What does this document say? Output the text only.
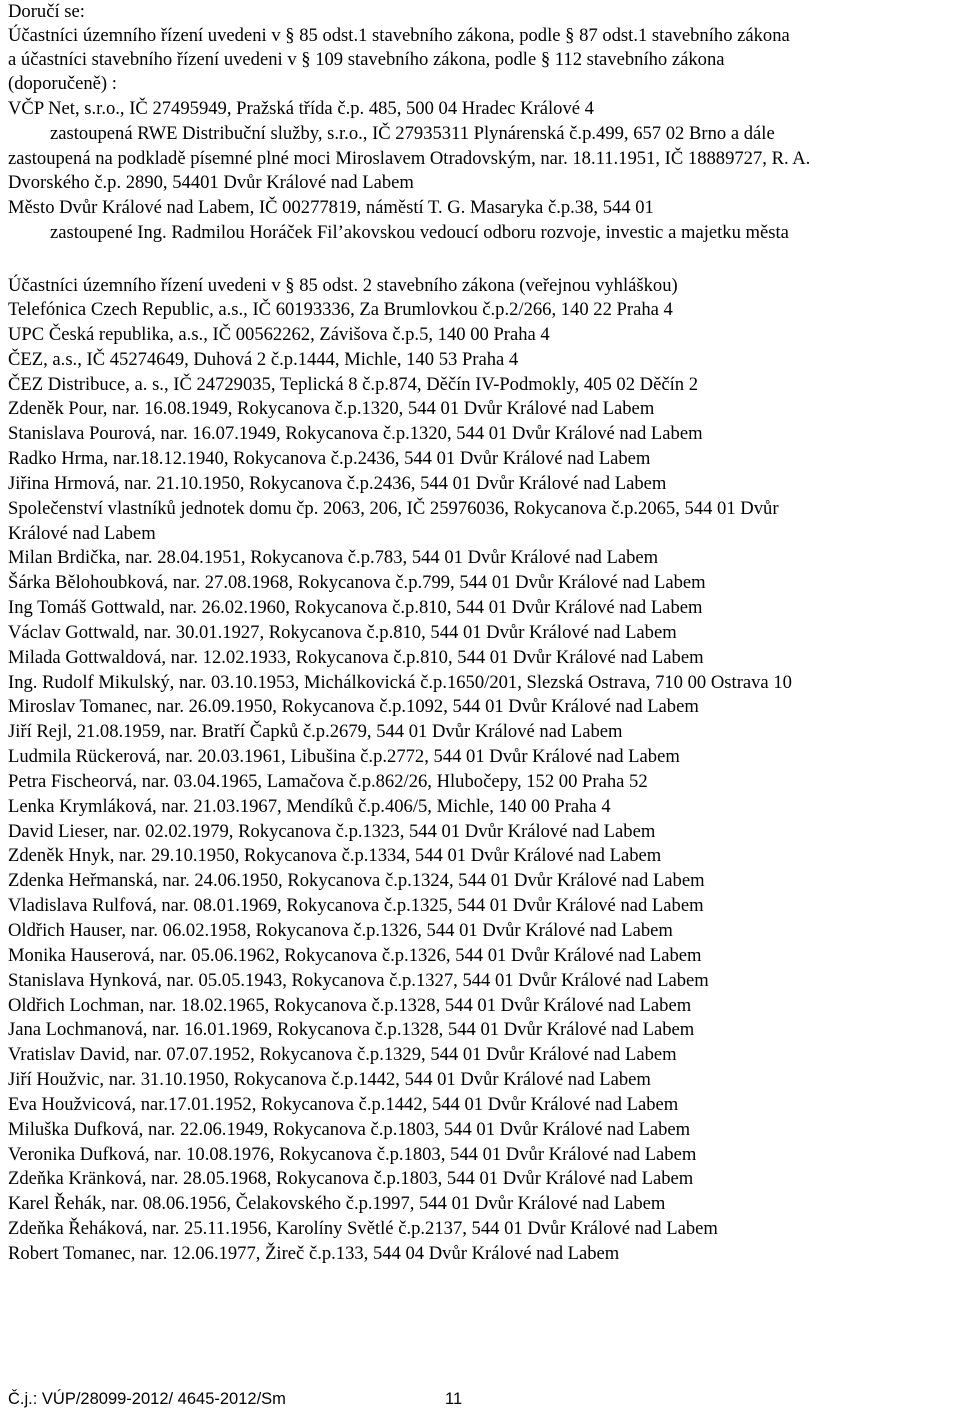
Doručí se:
Účastníci územního řízení uvedeni v § 85 odst.1 stavebního zákona, podle § 87 odst.1 stavebního zákona
a účastníci stavebního řízení uvedeni v § 109 stavebního zákona, podle § 112 stavebního zákona
(doporučeně) :
VČP Net, s.r.o., IČ 27495949, Pražská třída č.p. 485, 500 04 Hradec Králové 4
zastoupená RWE Distribuční služby, s.r.o., IČ 27935311 Plynárenská č.p.499, 657 02 Brno a dále
zastoupená na podkladě písemné plné moci Miroslavem Otradovským, nar. 18.11.1951, IČ 18889727, R. A.
Dvorského č.p. 2890, 54401 Dvůr Králové nad Labem
Město Dvůr Králové nad Labem, IČ 00277819, náměstí T. G. Masaryka č.p.38, 544 01
zastoupené Ing. Radmilou Horáček Fil’akovskou vedoucí odboru rozvoje, investic a majetku města
Účastníci územního řízení uvedeni v § 85 odst. 2 stavebního zákona (veřejnou vyhláškou)
Telefónica Czech Republic, a.s., IČ 60193336, Za Brumlovkou č.p.2/266, 140 22 Praha 4
UPC Česká republika, a.s., IČ 00562262, Závišova č.p.5, 140 00 Praha 4
ČEZ, a.s., IČ 45274649, Duhová 2 č.p.1444, Michle, 140 53 Praha 4
ČEZ Distribuce, a. s., IČ 24729035, Teplická 8 č.p.874, Děčín IV-Podmokly, 405 02 Děčín 2
Zdeněk Pour, nar. 16.08.1949, Rokycanova č.p.1320, 544 01 Dvůr Králové nad Labem
Stanislava Pourová, nar. 16.07.1949, Rokycanova č.p.1320, 544 01 Dvůr Králové nad Labem
Radko Hrma, nar.18.12.1940, Rokycanova č.p.2436, 544 01 Dvůr Králové nad Labem
Jiřina Hrmová, nar. 21.10.1950, Rokycanova č.p.2436, 544 01 Dvůr Králové nad Labem
Společenství vlastníků jednotek domu čp. 2063, 206, IČ 25976036, Rokycanova č.p.2065, 544 01 Dvůr
Králové nad Labem
Milan Brdička, nar. 28.04.1951, Rokycanova č.p.783, 544 01 Dvůr Králové nad Labem
Šárka Bělohoubková, nar. 27.08.1968, Rokycanova č.p.799, 544 01 Dvůr Králové nad Labem
Ing Tomáš Gottwald, nar. 26.02.1960, Rokycanova č.p.810, 544 01 Dvůr Králové nad Labem
Václav Gottwald, nar. 30.01.1927, Rokycanova č.p.810, 544 01 Dvůr Králové nad Labem
Milada Gottwaldová, nar. 12.02.1933, Rokycanova č.p.810, 544 01 Dvůr Králové nad Labem
Ing. Rudolf Mikulský, nar. 03.10.1953, Michálkovická č.p.1650/201, Slezská Ostrava, 710 00 Ostrava 10
Miroslav Tomanec, nar. 26.09.1950, Rokycanova č.p.1092, 544 01 Dvůr Králové nad Labem
Jiří Rejl, 21.08.1959, nar. Bratří Čapků č.p.2679, 544 01 Dvůr Králové nad Labem
Ludmila Rückerová, nar. 20.03.1961, Libušina č.p.2772, 544 01 Dvůr Králové nad Labem
Petra Fischeorvá, nar. 03.04.1965, Lamačova č.p.862/26, Hlubočepy, 152 00 Praha 52
Lenka Krymláková, nar. 21.03.1967, Mendíků č.p.406/5, Michle, 140 00 Praha 4
David Lieser, nar. 02.02.1979, Rokycanova č.p.1323, 544 01 Dvůr Králové nad Labem
Zdeněk Hnyk, nar. 29.10.1950, Rokycanova č.p.1334, 544 01 Dvůr Králové nad Labem
Zdenka Heřmanská, nar. 24.06.1950, Rokycanova č.p.1324, 544 01 Dvůr Králové nad Labem
Vladislava Rulfová, nar. 08.01.1969, Rokycanova č.p.1325, 544 01 Dvůr Králové nad Labem
Oldřich Hauser, nar. 06.02.1958, Rokycanova č.p.1326, 544 01 Dvůr Králové nad Labem
Monika Hauserová, nar. 05.06.1962, Rokycanova č.p.1326, 544 01 Dvůr Králové nad Labem
Stanislava Hynková, nar. 05.05.1943, Rokycanova č.p.1327, 544 01 Dvůr Králové nad Labem
Oldřich Lochman, nar. 18.02.1965, Rokycanova č.p.1328, 544 01 Dvůr Králové nad Labem
Jana Lochmanová, nar. 16.01.1969, Rokycanova č.p.1328, 544 01 Dvůr Králové nad Labem
Vratislav David, nar. 07.07.1952, Rokycanova č.p.1329, 544 01 Dvůr Králové nad Labem
Jiří Houžvic, nar. 31.10.1950, Rokycanova č.p.1442, 544 01 Dvůr Králové nad Labem
Eva Houžvicová, nar.17.01.1952, Rokycanova č.p.1442, 544 01 Dvůr Králové nad Labem
Miluška Dufková, nar. 22.06.1949, Rokycanova č.p.1803, 544 01 Dvůr Králové nad Labem
Veronika Dufková, nar. 10.08.1976, Rokycanova č.p.1803, 544 01 Dvůr Králové nad Labem
Zdeňka Kränková, nar. 28.05.1968, Rokycanova č.p.1803, 544 01 Dvůr Králové nad Labem
Karel Řehák, nar. 08.06.1956, Čelakovského č.p.1997, 544 01 Dvůr Králové nad Labem
Zdeňka Řeháková, nar. 25.11.1956, Karolíny Světlé č.p.2137, 544 01 Dvůr Králové nad Labem
Robert Tomanec, nar. 12.06.1977, Žireč č.p.133, 544 04 Dvůr Králové nad Labem
Č.j.: VÚP/28099-2012/ 4645-2012/Sm	11
